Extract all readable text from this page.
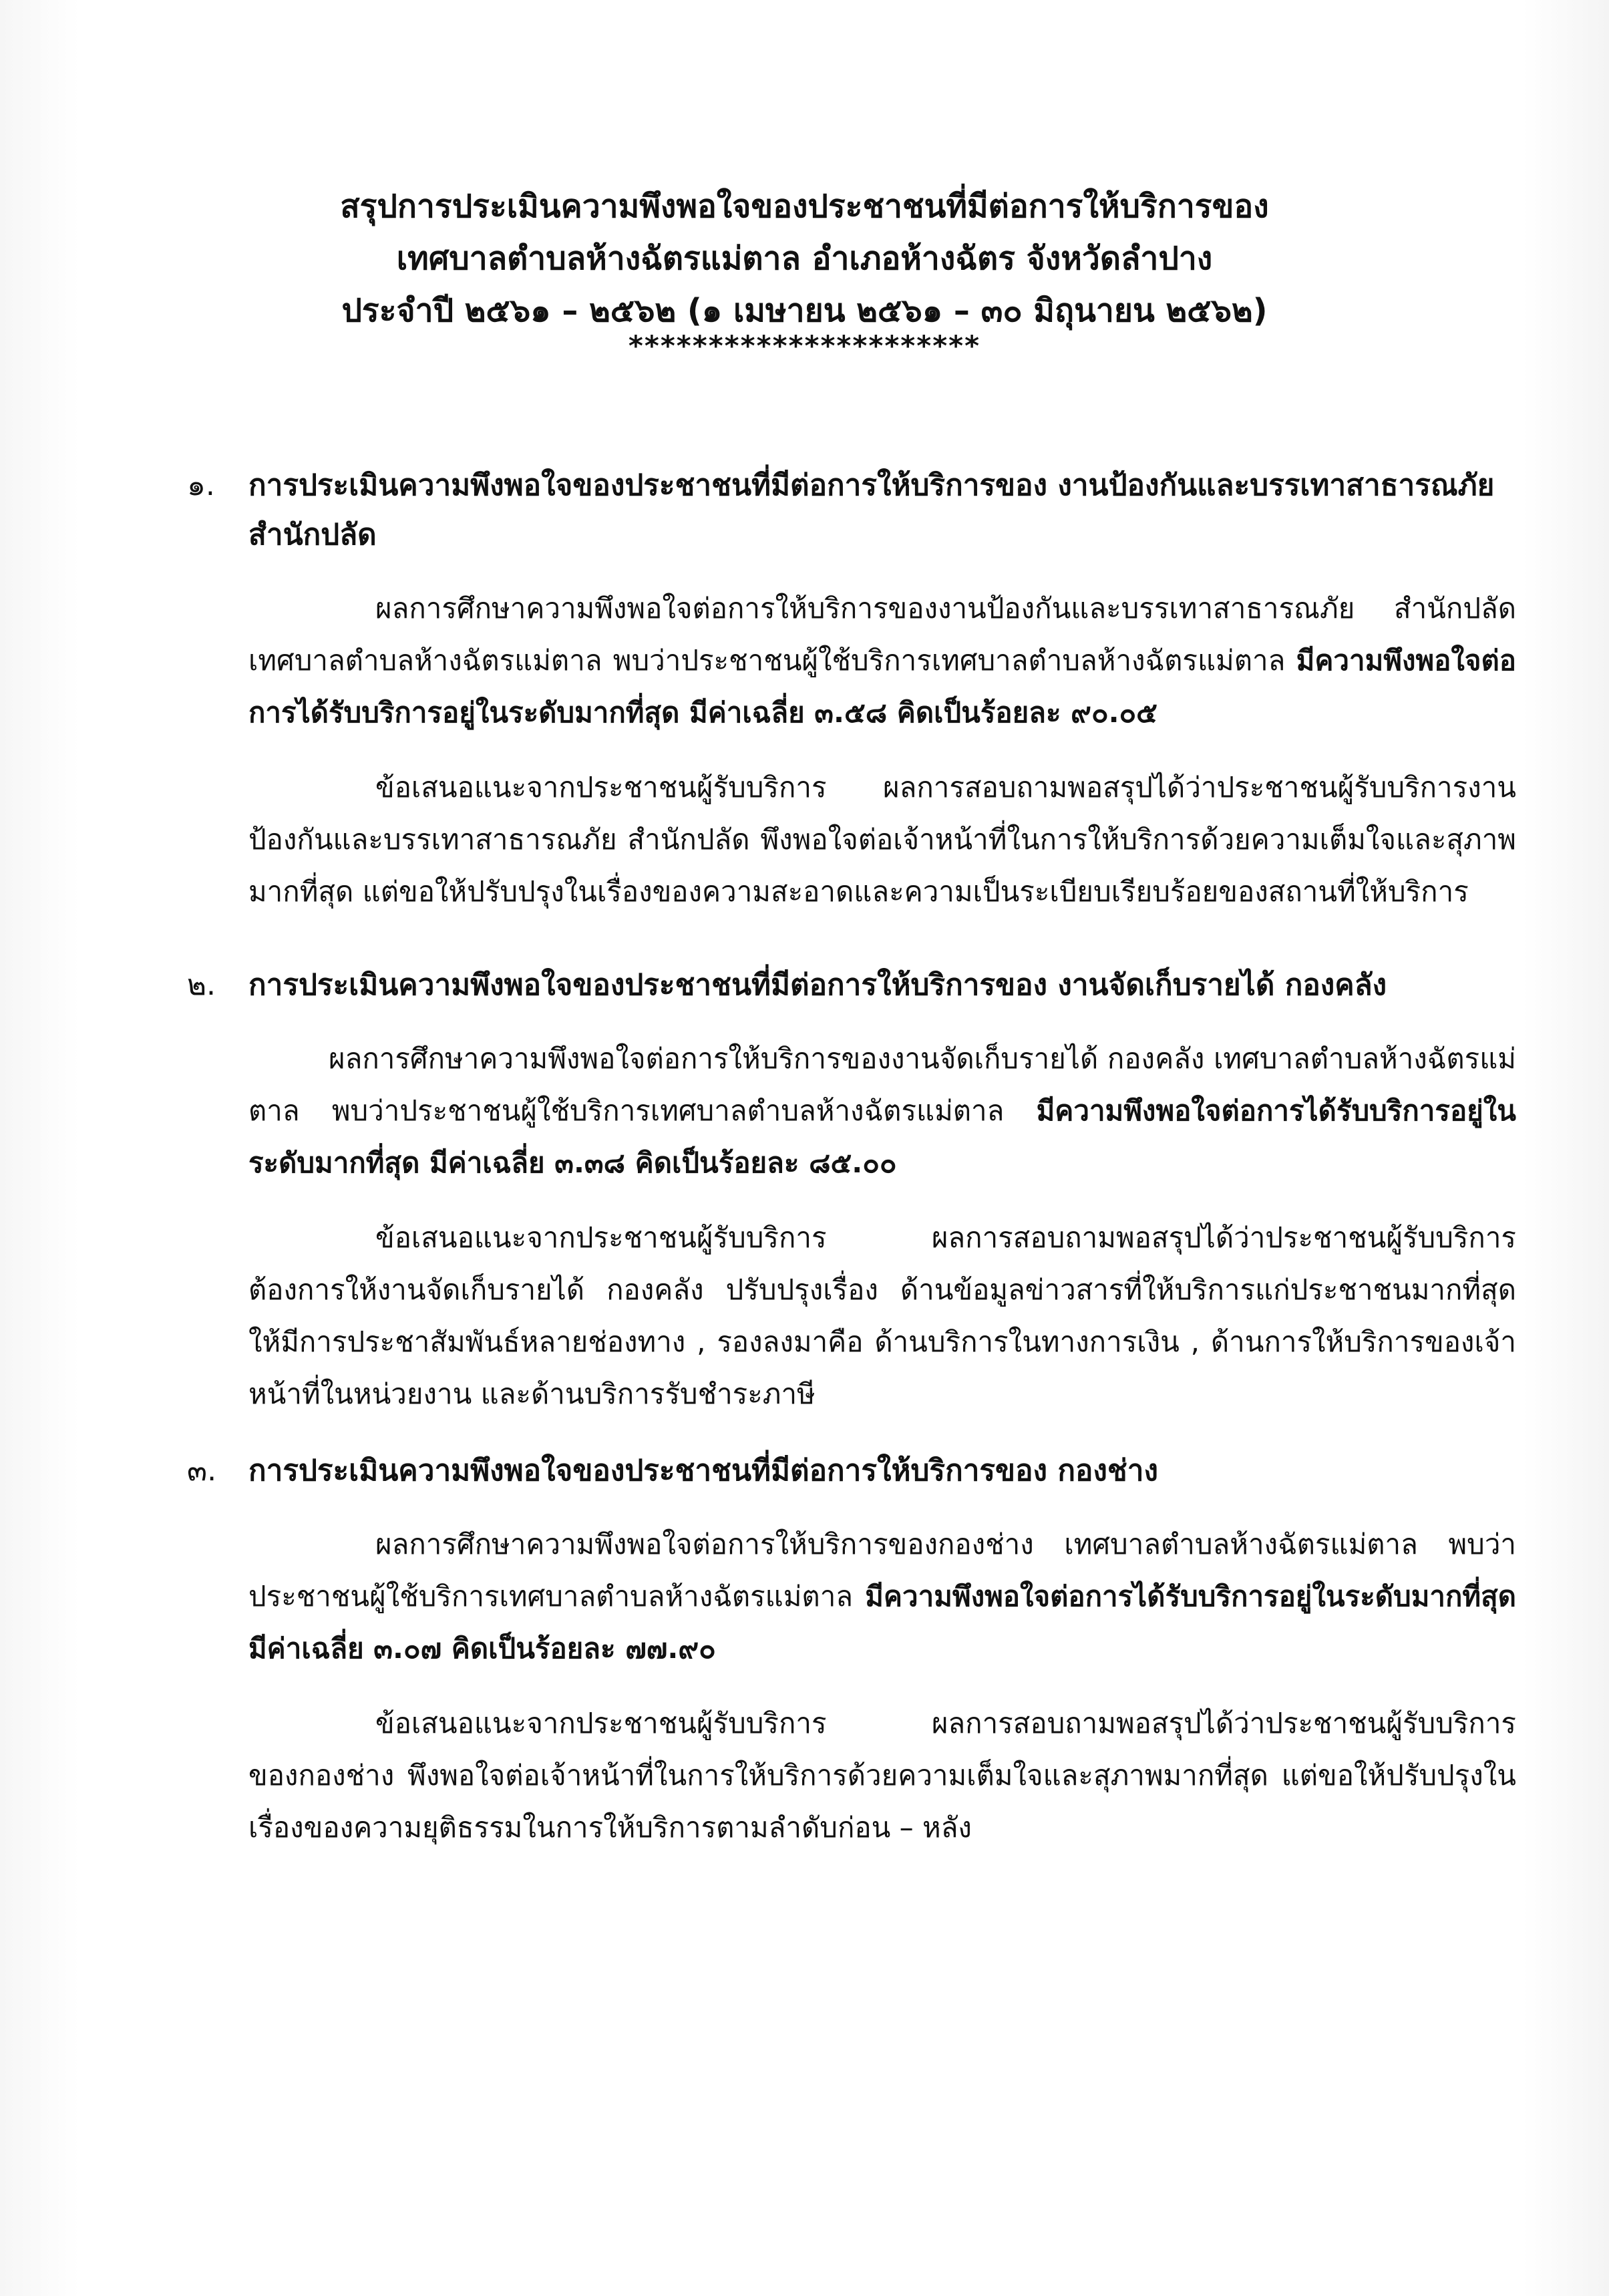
สรุปการประเมินความพึงพอใจของประชาชนที่มีต่อการให้บริการของ
เทศบาลตำบลห้างฉัตรแม่ตาล อำเภอห้างฉัตร จังหวัดลำปาง
ประจำปี ๒๕๖๑ – ๒๕๖๒ (๑ เมษายน ๒๕๖๑ – ๓๐ มิถุนายน ๒๕๖๒)
**********************
๑.	การประเมินความพึงพอใจของประชาชนที่มีต่อการให้บริการของ งานป้องกันและบรรเทาสาธารณภัย สำนักปลัด
ผลการศึกษาความพึงพอใจต่อการให้บริการของงานป้องกันและบรรเทาสาธารณภัย สำนักปลัด เทศบาลตำบลห้างฉัตรแม่ตาล พบว่าประชาชนผู้ใช้บริการเทศบาลตำบลห้างฉัตรแม่ตาล มีความพึงพอใจต่อการได้รับบริการอยู่ในระดับมากที่สุด มีค่าเฉลี่ย ๓.๕๘ คิดเป็นร้อยละ ๙๐.๐๕
ข้อเสนอแนะจากประชาชนผู้รับบริการ ผลการสอบถามพอสรุปได้ว่าประชาชนผู้รับบริการงานป้องกันและบรรเทาสาธารณภัย สำนักปลัด พึงพอใจต่อเจ้าหน้าที่ในการให้บริการด้วยความเต็มใจและสุภาพมากที่สุด แต่ขอให้ปรับปรุงในเรื่องของความสะอาดและความเป็นระเบียบเรียบร้อยของสถานที่ให้บริการ
๒.	การประเมินความพึงพอใจของประชาชนที่มีต่อการให้บริการของ งานจัดเก็บรายได้ กองคลัง
ผลการศึกษาความพึงพอใจต่อการให้บริการของงานจัดเก็บรายได้ กองคลัง เทศบาลตำบลห้างฉัตรแม่ตาล พบว่าประชาชนผู้ใช้บริการเทศบาลตำบลห้างฉัตรแม่ตาล มีความพึงพอใจต่อการได้รับบริการอยู่ในระดับมากที่สุด มีค่าเฉลี่ย ๓.๓๘ คิดเป็นร้อยละ ๘๕.๐๐
ข้อเสนอแนะจากประชาชนผู้รับบริการ ผลการสอบถามพอสรุปได้ว่าประชาชนผู้รับบริการต้องการให้งานจัดเก็บรายได้ กองคลัง ปรับปรุงเรื่อง ด้านข้อมูลข่าวสารที่ให้บริการแก่ประชาชนมากที่สุด ให้มีการประชาสัมพันธ์หลายช่องทาง , รองลงมาคือ ด้านบริการในทางการเงิน , ด้านการให้บริการของเจ้าหน้าที่ในหน่วยงาน และด้านบริการรับชำระภาษี
๓.	การประเมินความพึงพอใจของประชาชนที่มีต่อการให้บริการของ กองช่าง
ผลการศึกษาความพึงพอใจต่อการให้บริการของกองช่าง เทศบาลตำบลห้างฉัตรแม่ตาล พบว่าประชาชนผู้ใช้บริการเทศบาลตำบลห้างฉัตรแม่ตาล มีความพึงพอใจต่อการได้รับบริการอยู่ในระดับมากที่สุด มีค่าเฉลี่ย ๓.๐๗ คิดเป็นร้อยละ ๗๗.๙๐
ข้อเสนอแนะจากประชาชนผู้รับบริการ ผลการสอบถามพอสรุปได้ว่าประชาชนผู้รับบริการของกองช่าง พึงพอใจต่อเจ้าหน้าที่ในการให้บริการด้วยความเต็มใจและสุภาพมากที่สุด แต่ขอให้ปรับปรุงในเรื่องของความยุติธรรมในการให้บริการตามลำดับก่อน – หลัง
